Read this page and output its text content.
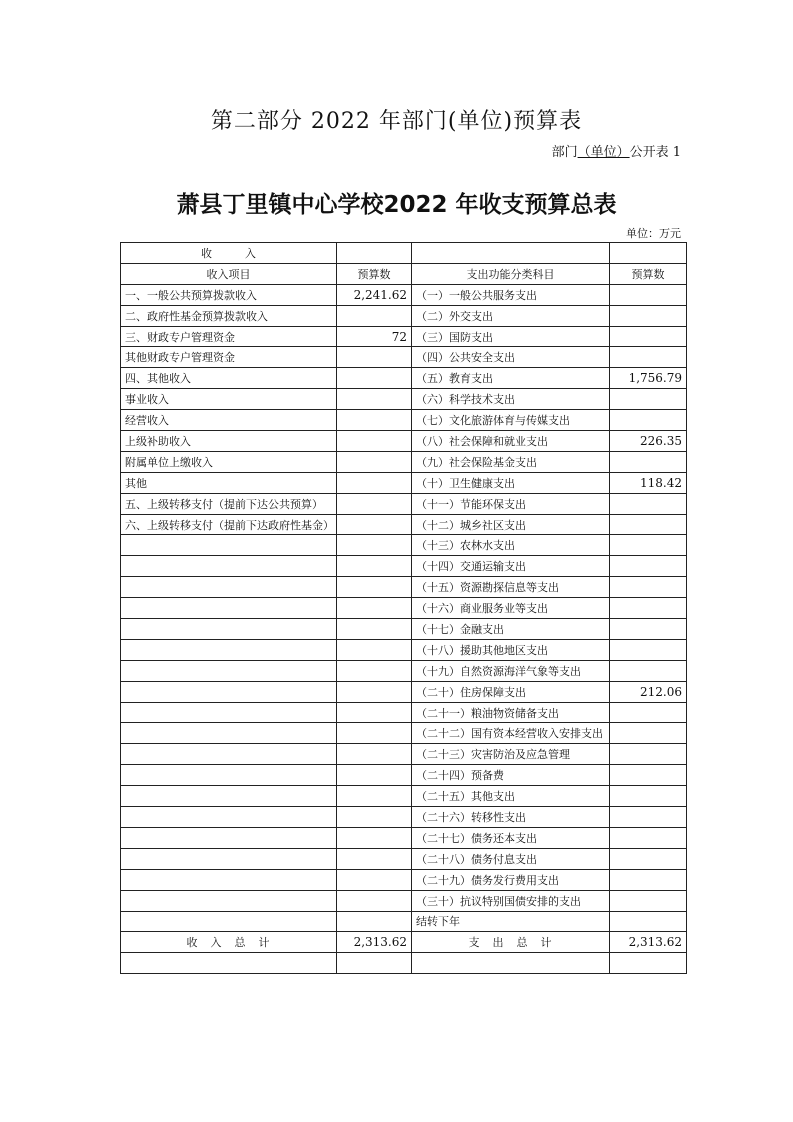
第二部分 2022 年部门(单位)预算表
部门（单位）公开表 1
萧县丁里镇中心学校2022 年收支预算总表
单位：万元
收　　　入			
收入项目	预算数	支出功能分类科目	预算数
一、一般公共预算拨款收入	2,241.62	（一）一般公共服务支出	
二、政府性基金预算拨款收入		（二）外交支出	
三、财政专户管理资金	72	（三）国防支出	
其他财政专户管理资金		（四）公共安全支出	
四、其他收入		（五）教育支出	1,756.79
事业收入		（六）科学技术支出	
经营收入		（七）文化旅游体育与传媒支出	
上级补助收入		（八）社会保障和就业支出	226.35
附属单位上缴收入		（九）社会保险基金支出	
其他		（十）卫生健康支出	118.42
五、上级转移支付（提前下达公共预算）		（十一）节能环保支出	
六、上级转移支付（提前下达政府性基金）		（十二）城乡社区支出	
		（十三）农林水支出	
		（十四）交通运输支出	
		（十五）资源勘探信息等支出	
		（十六）商业服务业等支出	
		（十七）金融支出	
		（十八）援助其他地区支出	
		（十九）自然资源海洋气象等支出	
		（二十）住房保障支出	212.06
		（二十一）粮油物资储备支出	
		（二十二）国有资本经营收入安排支出	
		（二十三）灾害防治及应急管理	
		（二十四）预备费	
		（二十五）其他支出	
		（二十六）转移性支出	
		（二十七）债务还本支出	
		（二十八）债务付息支出	
		（二十九）债务发行费用支出	
		（三十）抗议特别国债安排的支出	
		结转下年	
收　入　总　计	2,313.62	支　出　总　计	2,313.62
